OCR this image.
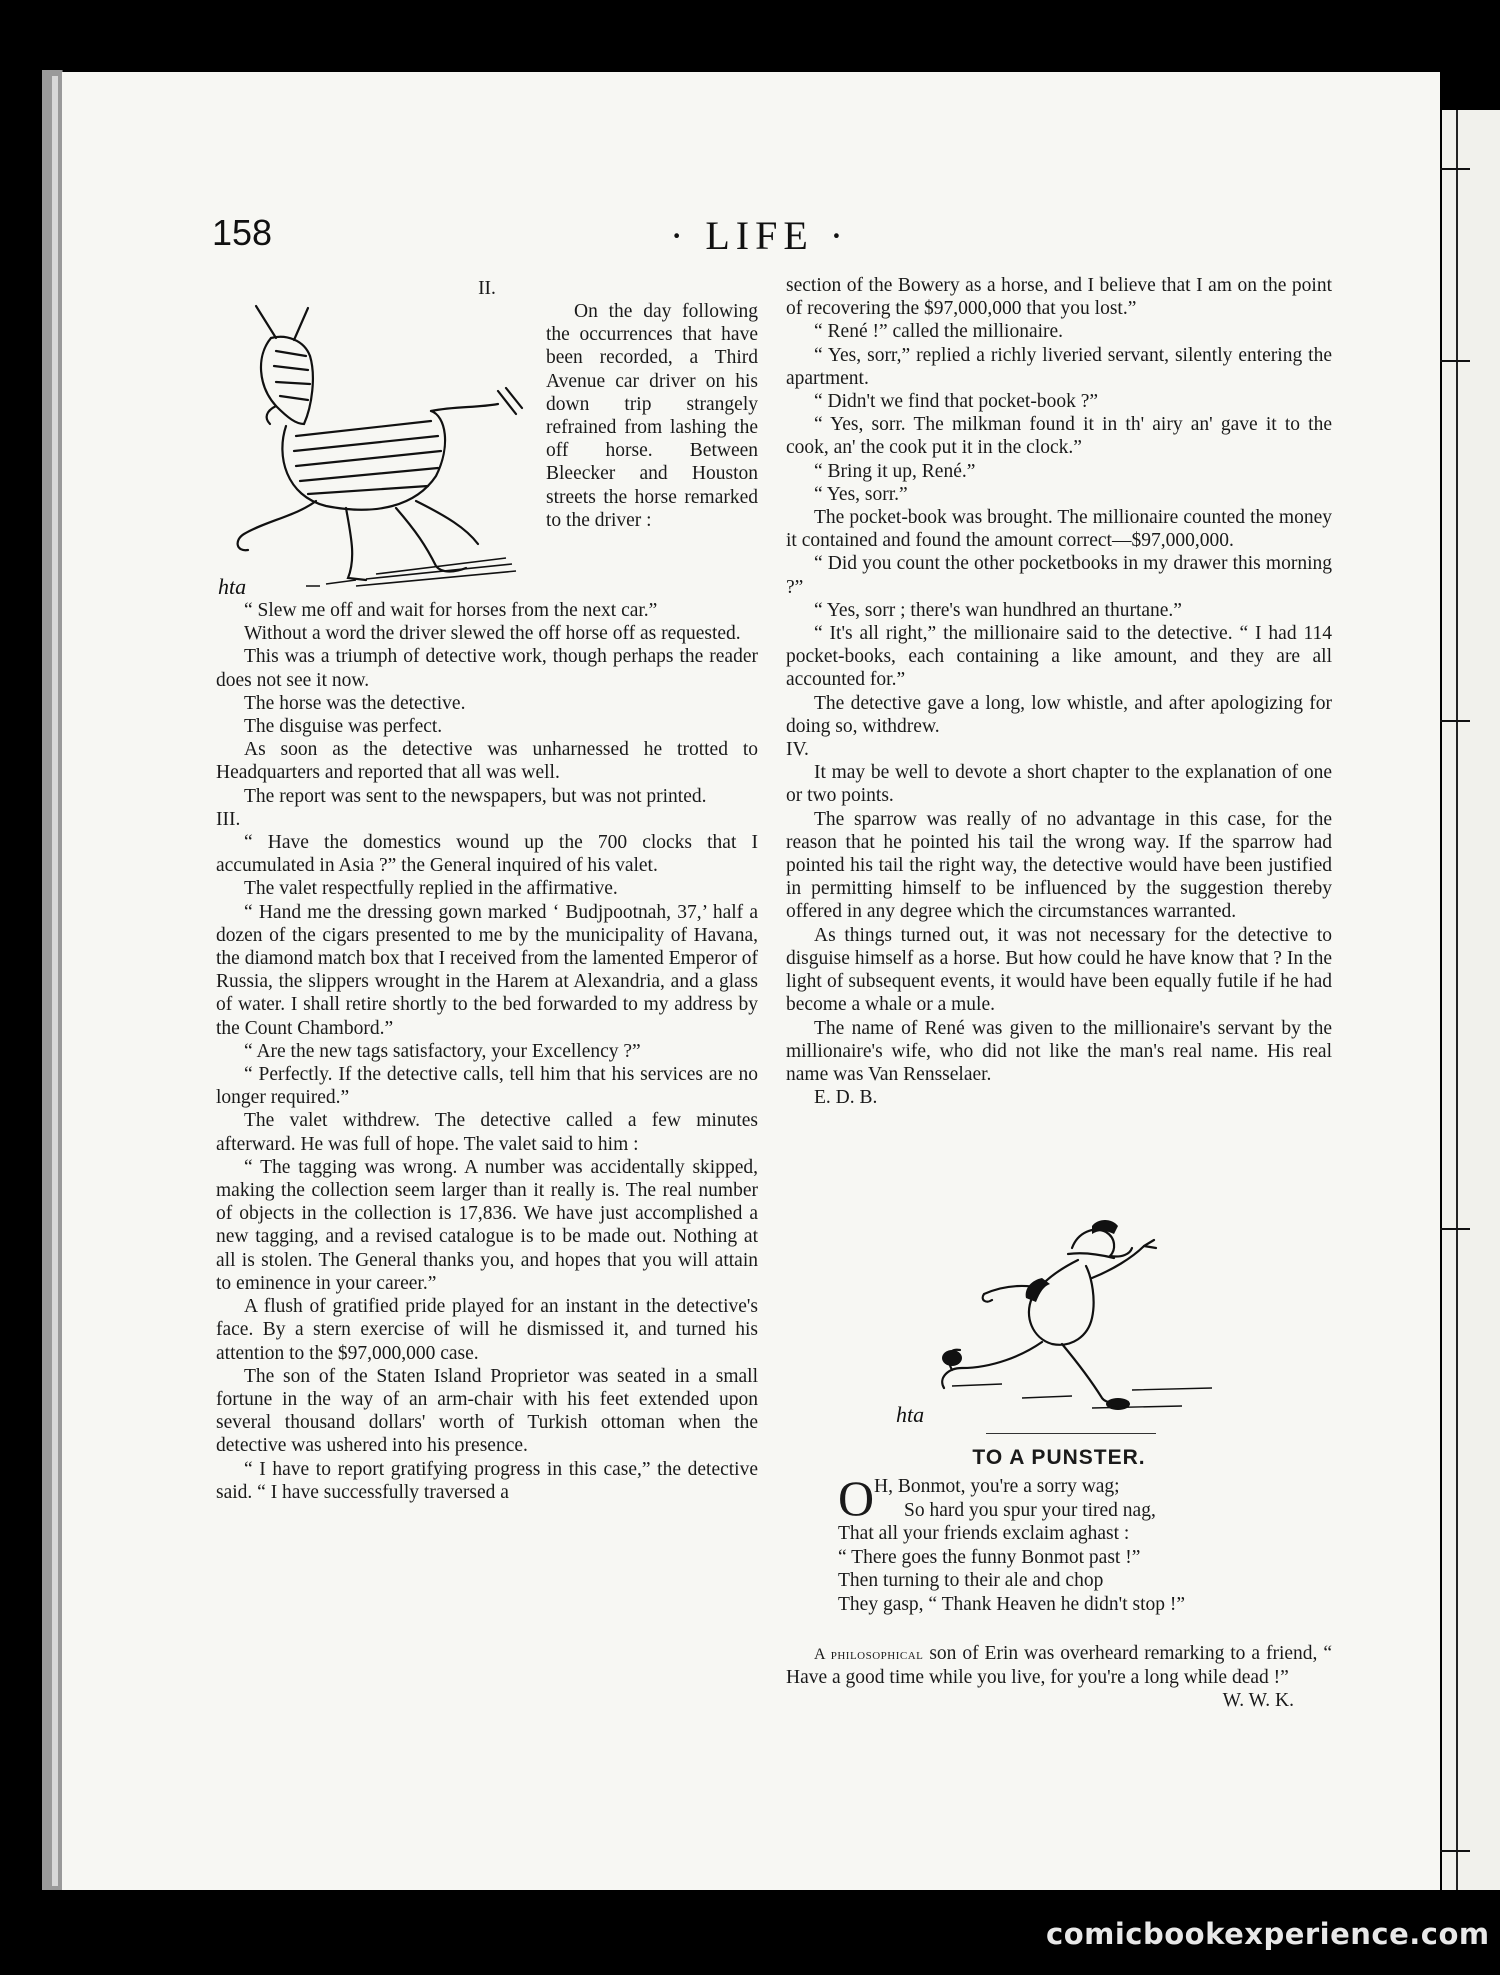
158	· LIFE ·
II.
hta

On the day following the occurrences that have been recorded, a Third Avenue car driver on his down trip strangely refrained from lashing the off horse. Between Bleecker and Houston streets the horse remarked to the driver :

“ Slew me off and wait for horses from the next car.”

Without a word the driver slewed the off horse off as requested.

This was a triumph of detective work, though perhaps the reader does not see it now.

The horse was the detective.

The disguise was perfect.

As soon as the detective was unharnessed he trotted to Headquarters and reported that all was well.

The report was sent to the newspapers, but was not printed.

III.

“ Have the domestics wound up the 700 clocks that I accumulated in Asia ?” the General inquired of his valet.

The valet respectfully replied in the affirmative.

“ Hand me the dressing gown marked ‘ Budjpootnah, 37,’ half a dozen of the cigars presented to me by the municipality of Havana, the diamond match box that I received from the lamented Emperor of Russia, the slippers wrought in the Harem at Alexandria, and a glass of water. I shall retire shortly to the bed forwarded to my address by the Count Chambord.”

“ Are the new tags satisfactory, your Excellency ?”

“ Perfectly. If the detective calls, tell him that his services are no longer required.”

The valet withdrew. The detective called a few minutes afterward. He was full of hope. The valet said to him :

“ The tagging was wrong. A number was accidentally skipped, making the collection seem larger than it really is. The real number of objects in the collection is 17,836. We have just accomplished a new tagging, and a revised catalogue is to be made out. Nothing at all is stolen. The General thanks you, and hopes that you will attain to eminence in your career.”

A flush of gratified pride played for an instant in the detective's face. By a stern exercise of will he dismissed it, and turned his attention to the $97,000,000 case.

The son of the Staten Island Proprietor was seated in a small fortune in the way of an arm-chair with his feet extended upon several thousand dollars' worth of Turkish ottoman when the detective was ushered into his presence.

“ I have to report gratifying progress in this case,” the detective said. “ I have successfully traversed a

section of the Bowery as a horse, and I believe that I am on the point of recovering the $97,000,000 that you lost.”

“ René !” called the millionaire.

“ Yes, sorr,” replied a richly liveried servant, silently entering the apartment.

“ Didn't we find that pocket-book ?”

“ Yes, sorr. The milkman found it in th' airy an' gave it to the cook, an' the cook put it in the clock.”

“ Bring it up, René.”

“ Yes, sorr.”

The pocket-book was brought. The millionaire counted the money it contained and found the amount correct—$97,000,000.

“ Did you count the other pocketbooks in my drawer this morning ?”

“ Yes, sorr ; there's wan hundhred an thurtane.”

“ It's all right,” the millionaire said to the detective. “ I had 114 pocket-books, each containing a like amount, and they are all accounted for.”

The detective gave a long, low whistle, and after apologizing for doing so, withdrew.

IV.

It may be well to devote a short chapter to the explanation of one or two points.

The sparrow was really of no advantage in this case, for the reason that he pointed his tail the wrong way. If the sparrow had pointed his tail the right way, the detective would have been justified in permitting himself to be influenced by the suggestion thereby offered in any degree which the circumstances warranted.

As things turned out, it was not necessary for the detective to disguise himself as a horse. But how could he have know that ? In the light of subsequent events, it would have been equally futile if he had become a whale or a mule.

The name of René was given to the millionaire's servant by the millionaire's wife, who did not like the man's real name. His real name was Van Rensselaer.

E. D. B.

hta
TO A PUNSTER.
O H, Bonmot, you're a sorry wag;
So hard you spur your tired nag,
That all your friends exclaim aghast :
“ There goes the funny Bonmot past !”
Then turning to their ale and chop
They gasp, “ Thank Heaven he didn't stop !”

A philosophical son of Erin was overheard remarking to a friend, “ Have a good time while you live, for you're a long while dead !”
W. W. K.

comicbookexperience.com
